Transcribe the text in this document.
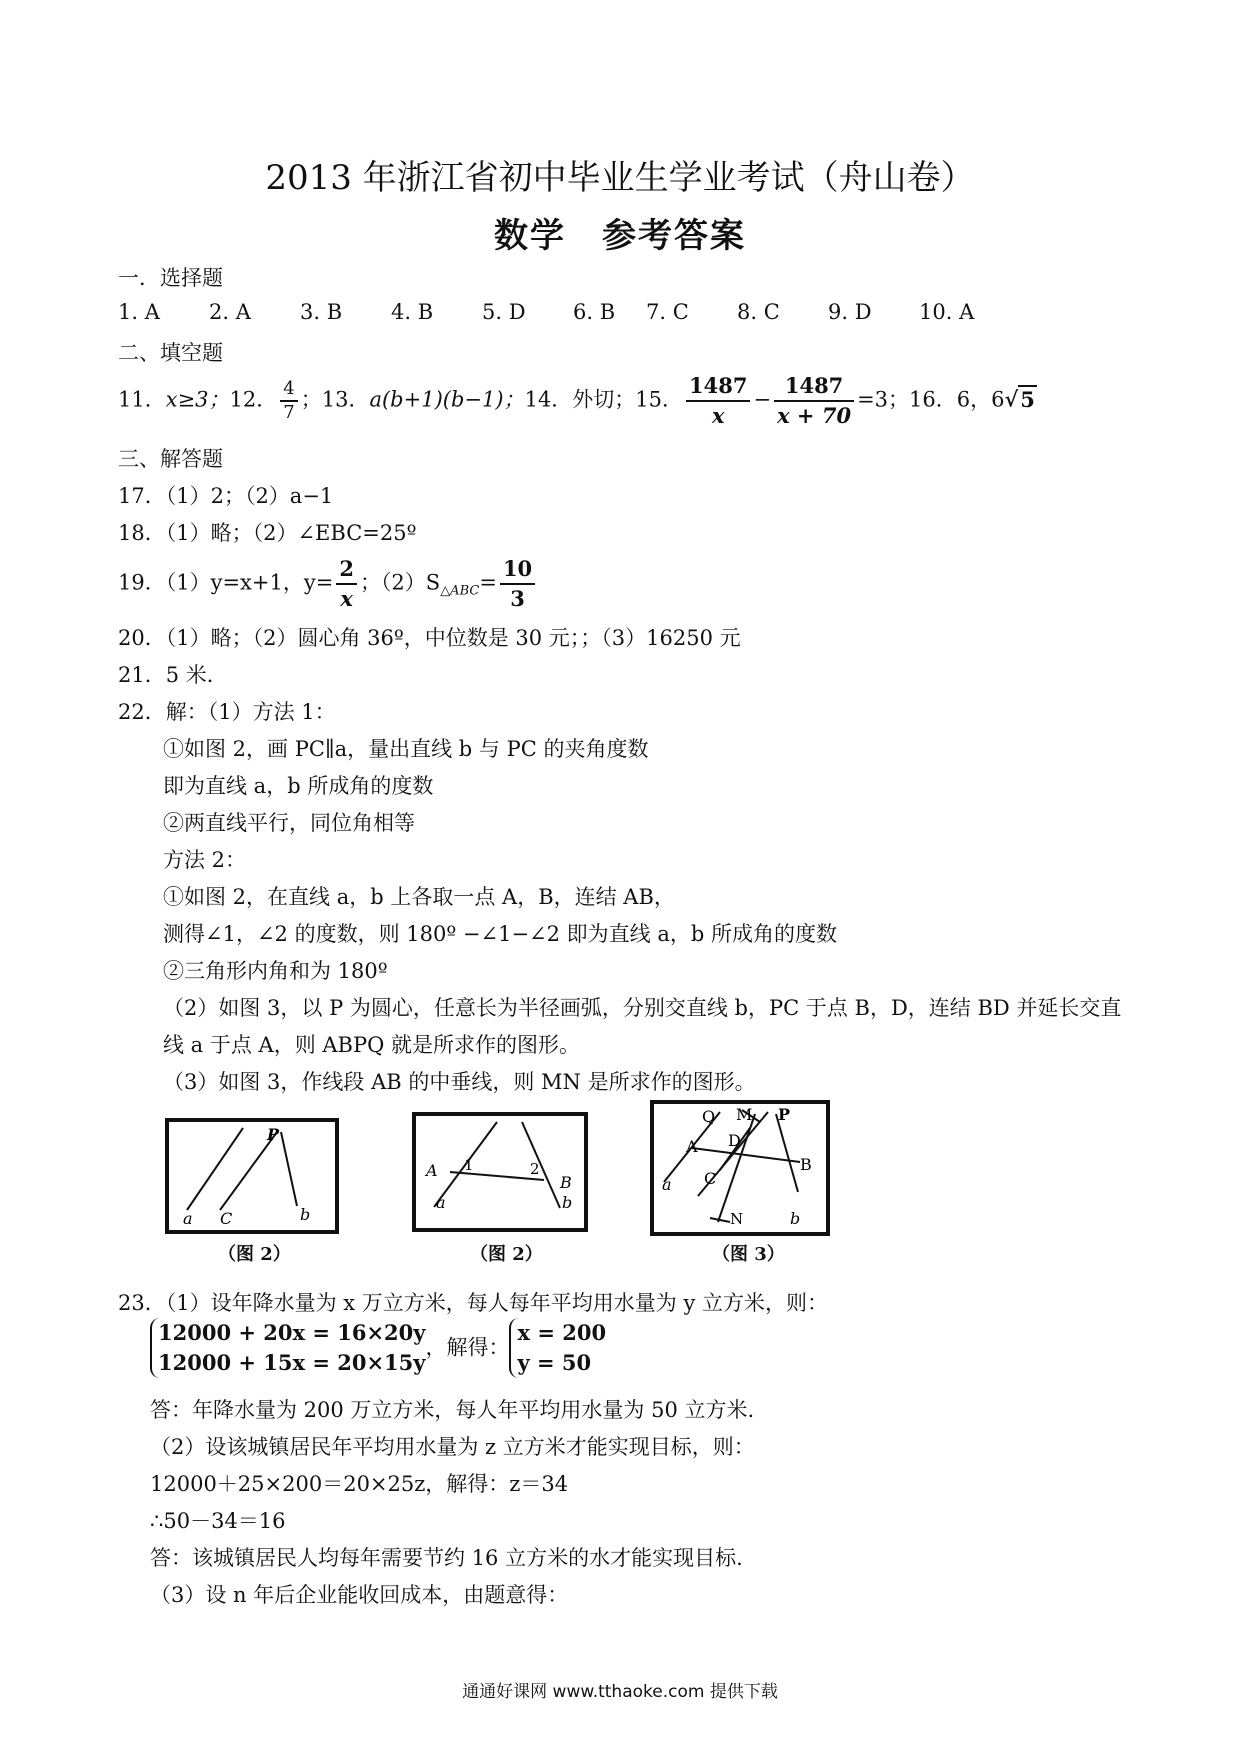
2013 年浙江省初中毕业生学业考试（舟山卷）
数学　参考答案
一．选择题
1. A 2. A 3. B 4. B 5. D 6. B 7. C 8. C 9. D 10. A
二、填空题
11．x≥3；12． $\frac{4}{7}$ ；13．a(b+1)(b−1)；14．外切；15． $\frac{1487}{x} - \frac{1487}{x + 70} =3$；16．6，6√5
三、解答题
17．（1）2；（2）a−1
18．（1）略；（2）∠EBC=25º
19．（1）y=x+1，$y= \frac{2}{x}$ ；$(2)S_{\triangle ABC}= \frac{10}{3}$
20．（1）略；（2）圆心角 36º，中位数是 30 元；；（3）16250 元
21．5 米．
22．解：（1）方法 1：
①如图 2，画 PC∥a，量出直线 b 与 PC 的夹角度数
即为直线 a，b 所成角的度数
②两直线平行，同位角相等
方法 2：
①如图 2，在直线 a，b 上各取一点 A，B，连结 AB，
测得∠1，∠2 的度数，则 180º −∠1−∠2 即为直线 a，b 所成角的度数
②三角形内角和为 180º
（2）如图 3，以 P 为圆心，任意长为半径画弧，分别交直线 b，PC 于点 B，D，连结 BD 并延长交直
线 a 于点 A，则 ABPQ 就是所求作的图形。
（3）如图 3，作线段 AB 的中垂线，则 MN 是所求作的图形。
P
a C	b
（图 2）
A 1	2
B
a	b
（图 2）
Q M P
A D
C
B
a
N	b
（图 3）
23．（1）设年降水量为 x 万立方米，每人每年平均用水量为 y 立方米，则：
12000 + 20x = 16×20y
12000 + 15x = 20×15y
，解得：
x = 200
y = 50
答：年降水量为 200 万立方米，每人年平均用水量为 50 立方米.
（2）设该城镇居民年平均用水量为 z 立方米才能实现目标，则：
12000＋25×200＝20×25z，解得：z＝34
∴50－34＝16
答：该城镇居民人均每年需要节约 16 立方米的水才能实现目标.
（3）设 n 年后企业能收回成本，由题意得：
通通好课网 www.tthaoke.com 提供下载
